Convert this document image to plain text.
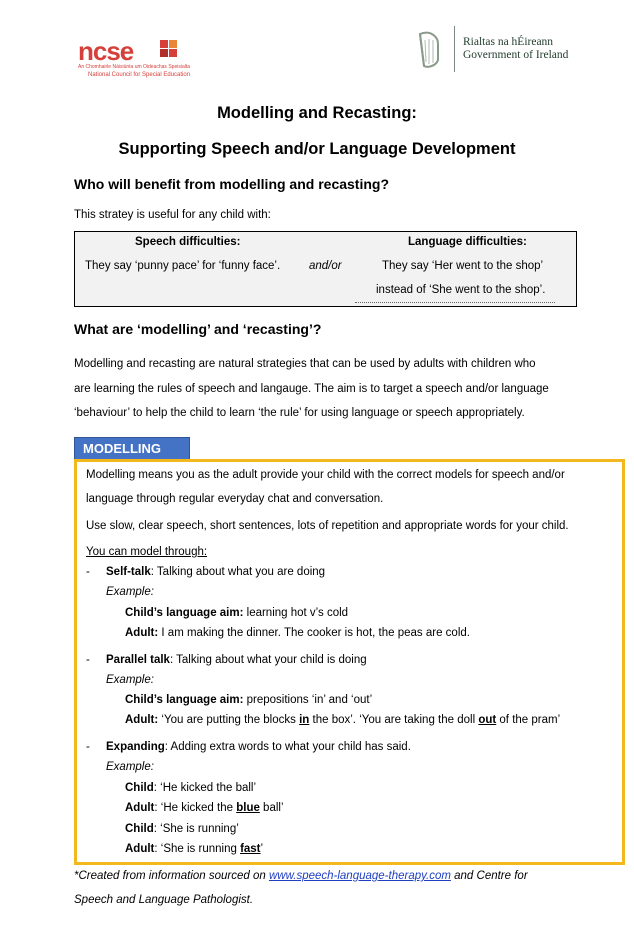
ncse
An Chomhairle Náisiúnta um Oideachas Speisialta
National Council for Special Education
Rialtas na hÉireann
Government of Ireland
Modelling and Recasting:
Supporting Speech and/or Language Development
Who will benefit from modelling and recasting?
This stratey is useful for any child with:
Speech difficulties:
They say ‘punny pace’ for ‘funny face’.	and/or
Language difficulties:
They say ‘Her went to the shop’
instead of ‘She went to the shop’.
What are ‘modelling’ and ‘recasting’?
Modelling and recasting are natural strategies that can be used by adults with children who
are learning the rules of speech and langauge. The aim is to target a speech and/or language
‘behaviour’ to help the child to learn ‘the rule’ for using language or speech appropriately.
MODELLING
Modelling means you as the adult provide your child with the correct models for speech and/or
language through regular everyday chat and conversation.
Use slow, clear speech, short sentences, lots of repetition and appropriate words for your child.
You can model through:
- Self-talk: Talking about what you are doing
Example:
Child’s language aim: learning hot v’s cold
Adult: I am making the dinner. The cooker is hot, the peas are cold.
- Parallel talk: Talking about what your child is doing
Example:
Child’s language aim: prepositions ‘in’ and ‘out’
Adult: ‘You are putting the blocks in the box’. ‘You are taking the doll out of the pram’
- Expanding: Adding extra words to what your child has said.
Example:
Child: ‘He kicked the ball’
Adult: ‘He kicked the blue ball’
Child: ‘She is running’
Adult: ‘She is running fast’
*Created from information sourced on www.speech-language-therapy.com and Centre for
Speech and Language Pathologist.
